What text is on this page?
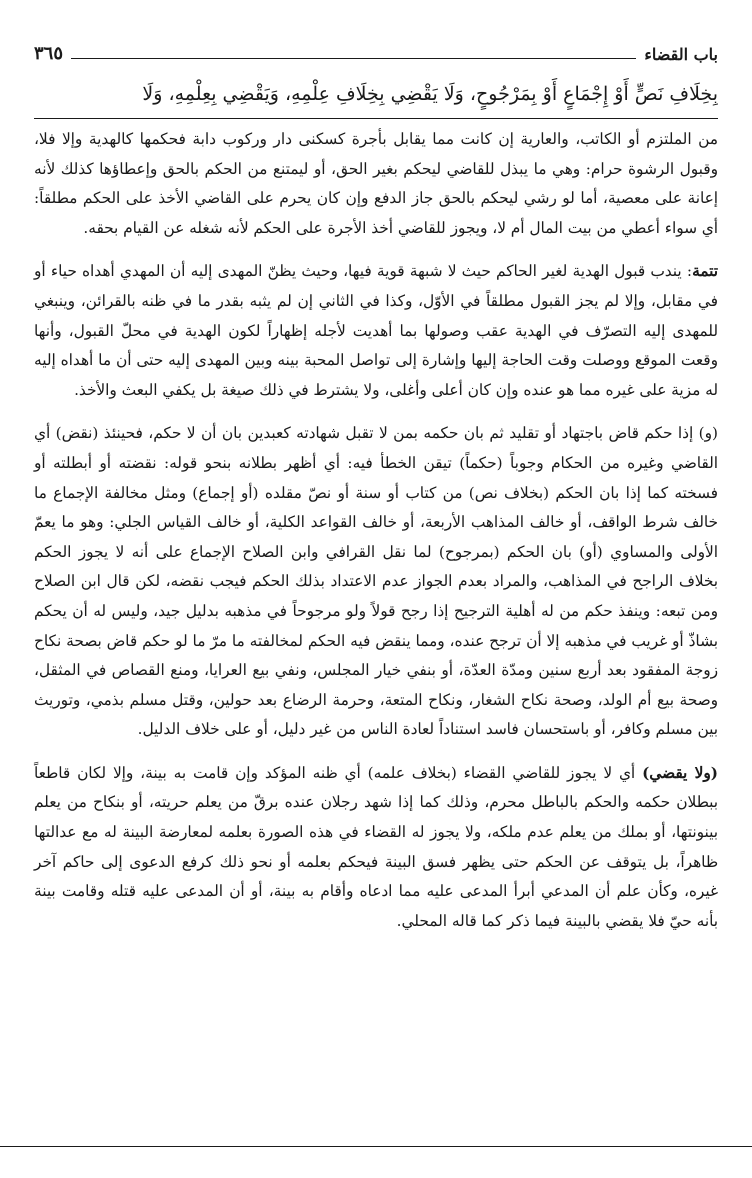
باب القضاء
٣٦٥
بِخِلَافِ نَصٍّ أَوْ إِجْمَاعٍ أَوْ بِمَرْجُوحٍ، وَلَا يَقْضِي بِخِلَافِ عِلْمِهِ، وَيَقْضِي بِعِلْمِهِ، وَلَا

من الملتزم أو الكاتب، والعارية إن كانت مما يقابل بأجرة كسكنى دار وركوب دابة فحكمها كالهدية وإلا فلا، وقبول الرشوة حرام: وهي ما يبذل للقاضي ليحكم بغير الحق، أو ليمتنع من الحكم بالحق وإعطاؤها كذلك لأنه إعانة على معصية، أما لو رشي ليحكم بالحق جاز الدفع وإن كان يحرم على القاضي الأخذ على الحكم مطلقاً: أي سواء أعطي من بيت المال أم لا، ويجوز للقاضي أخذ الأجرة على الحكم لأنه شغله عن القيام بحقه.

تتمة: يندب قبول الهدية لغير الحاكم حيث لا شبهة قوية فيها، وحيث يظنّ المهدى إليه أن المهدي أهداه حياء أو في مقابل، وإلا لم يجز القبول مطلقاً في الأوّل، وكذا في الثاني إن لم يثبه بقدر ما في ظنه بالقرائن، وينبغي للمهدى إليه التصرّف في الهدية عقب وصولها بما أهديت لأجله إظهاراً لكون الهدية في محلّ القبول، وأنها وقعت الموقع ووصلت وقت الحاجة إليها وإشارة إلى تواصل المحبة بينه وبين المهدى إليه حتى أن ما أهداه إليه له مزية على غيره مما هو عنده وإن كان أعلى وأغلى، ولا يشترط في ذلك صيغة بل يكفي البعث والأخذ.

(و) إذا حكم قاض باجتهاد أو تقليد ثم بان حكمه بمن لا تقبل شهادته كعبدين بان أن لا حكم، فحينئذ (نقض) أي القاضي وغيره من الحكام وجوباً (حكماً) تيقن الخطأ فيه: أي أظهر بطلانه بنحو قوله: نقضته أو أبطلته أو فسخته كما إذا بان الحكم (بخلاف نص) من كتاب أو سنة أو نصّ مقلده (أو إجماع) ومثل مخالفة الإجماع ما خالف شرط الواقف، أو خالف المذاهب الأربعة، أو خالف القواعد الكلية، أو خالف القياس الجلي: وهو ما يعمّ الأولى والمساوي (أو) بان الحكم (بمرجوح) لما نقل القرافي وابن الصلاح الإجماع على أنه لا يجوز الحكم بخلاف الراجح في المذاهب، والمراد بعدم الجواز عدم الاعتداد بذلك الحكم فيجب نقضه، لكن قال ابن الصلاح ومن تبعه: وينفذ حكم من له أهلية الترجيح إذا رجح قولاً ولو مرجوحاً في مذهبه بدليل جيد، وليس له أن يحكم بشاذّ أو غريب في مذهبه إلا أن ترجح عنده، ومما ينقض فيه الحكم لمخالفته ما مرّ ما لو حكم قاض بصحة نكاح زوجة المفقود بعد أربع سنين ومدّة العدّة، أو بنفي خيار المجلس، ونفي بيع العرايا، ومنع القصاص في المثقل، وصحة بيع أم الولد، وصحة نكاح الشغار، ونكاح المتعة، وحرمة الرضاع بعد حولين، وقتل مسلم بذمي، وتوريث بين مسلم وكافر، أو باستحسان فاسد استناداً لعادة الناس من غير دليل، أو على خلاف الدليل.

(ولا يقضي) أي لا يجوز للقاضي القضاء (بخلاف علمه) أي ظنه المؤكد وإن قامت به بينة، وإلا لكان قاطعاً ببطلان حكمه والحكم بالباطل محرم، وذلك كما إذا شهد رجلان عنده برقّ من يعلم حريته، أو بنكاح من يعلم بينونتها، أو بملك من يعلم عدم ملكه، ولا يجوز له القضاء في هذه الصورة بعلمه لمعارضة البينة له مع عدالتها ظاهراً، بل يتوقف عن الحكم حتى يظهر فسق البينة فيحكم بعلمه أو نحو ذلك كرفع الدعوى إلى حاكم آخر غيره، وكأن علم أن المدعي أبرأ المدعى عليه مما ادعاه وأقام به بينة، أو أن المدعى عليه قتله وقامت بينة بأنه حيّ فلا يقضي بالبينة فيما ذكر كما قاله المحلي.
